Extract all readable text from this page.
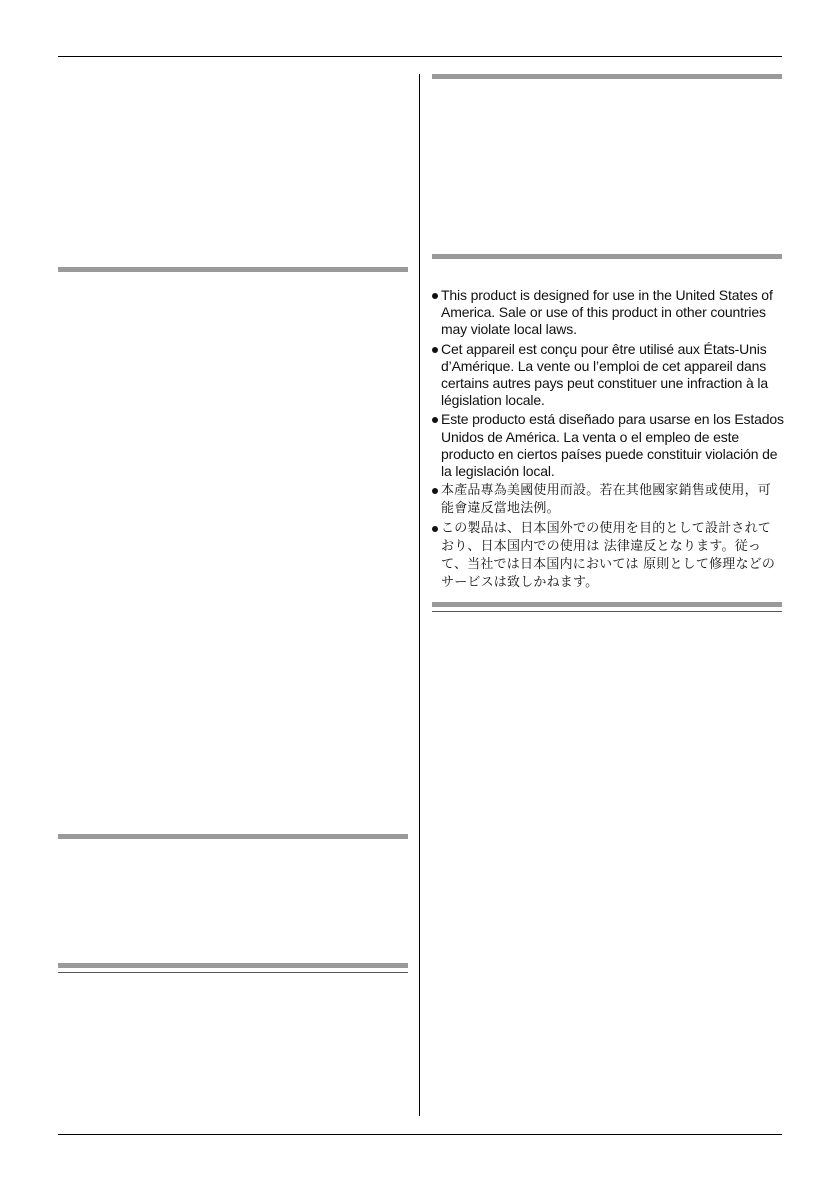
This product is designed for use in the United States of America. Sale or use of this product in other countries may violate local laws.
Cet appareil est conçu pour être utilisé aux États-Unis d’Amérique. La vente ou l’emploi de cet appareil dans certains autres pays peut constituer une infraction à la législation locale.
Este producto está diseñado para usarse en los Estados Unidos de América. La venta o el empleo de este producto en ciertos países puede constituir violación de la legislación local.
本產品專為美國使用而設。若在其他國家銷售或使用，可能會違反當地法例。
この製品は、日本国外での使用を目的として設計されており、日本国内での使用は 法律違反となります。従って、当社では日本国内においては 原則として修理などの サービスは致しかねます。
